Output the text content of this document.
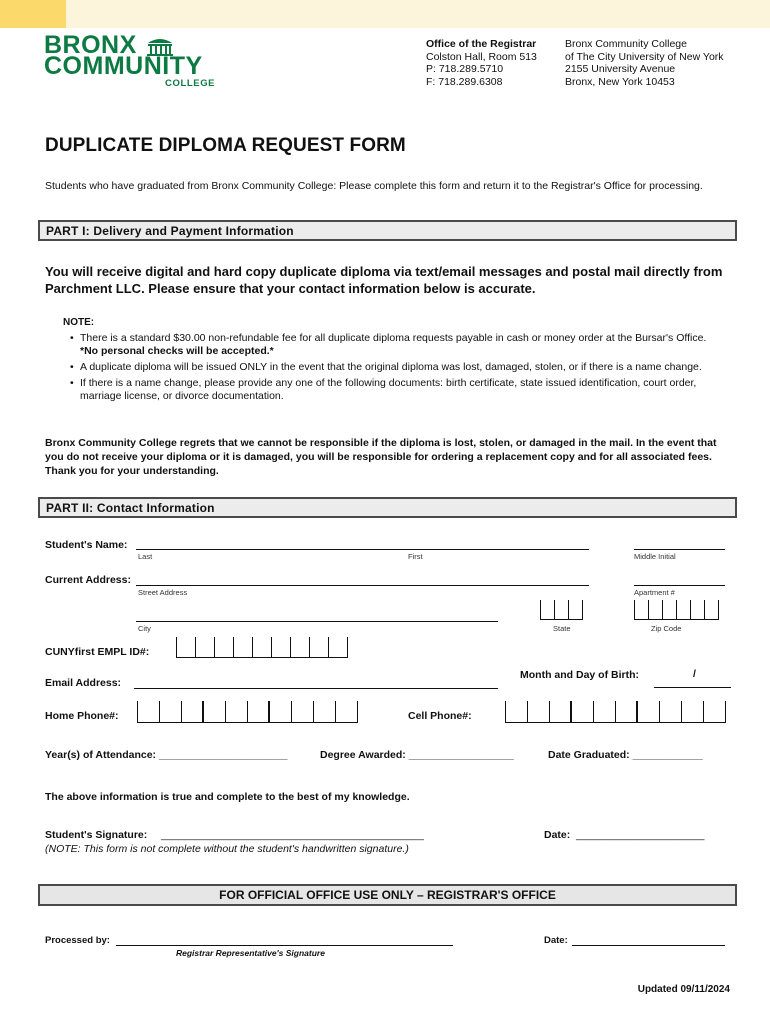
BRONX
COMMUNITY
COLLEGE
Office of the Registrar
Colston Hall, Room 513
P: 718.289.5710
F: 718.289.6308
Bronx Community College
of The City University of New York
2155 University Avenue
Bronx, New York 10453
DUPLICATE DIPLOMA REQUEST FORM
Students who have graduated from Bronx Community College: Please complete this form and return it to the Registrar's Office for processing.
PART I: Delivery and Payment Information
You will receive digital and hard copy duplicate diploma via text/email messages and postal mail directly from Parchment LLC. Please ensure that your contact information below is accurate.
NOTE:
• There is a standard $30.00 non-refundable fee for all duplicate diploma requests payable in cash or money order at the Bursar's Office. *No personal checks will be accepted.*
• A duplicate diploma will be issued ONLY in the event that the original diploma was lost, damaged, stolen, or if there is a name change.
• If there is a name change, please provide any one of the following documents: birth certificate, state issued identification, court order, marriage license, or divorce documentation.
Bronx Community College regrets that we cannot be responsible if the diploma is lost, stolen, or damaged in the mail. In the event that you do not receive your diploma or it is damaged, you will be responsible for ordering a replacement copy and for all associated fees. Thank you for your understanding.
PART II: Contact Information
Student's Name:
Last	First	Middle Initial
Current Address:
Street Address	Apartment #
City	State	Zip Code
CUNYfirst EMPL ID#:
Month and Day of Birth:	/
Email Address:
Home Phone#:	Cell Phone#:
Year(s) of Attendance: ______________________	Degree Awarded: __________________	Date Graduated: ____________
The above information is true and complete to the best of my knowledge.
Student's Signature: _____________________________________________	Date: ______________________
(NOTE: This form is not complete without the student's handwritten signature.)
FOR OFFICIAL OFFICE USE ONLY – REGISTRAR'S OFFICE
Processed by:
Registrar Representative's Signature
Date:
Updated 09/11/2024
